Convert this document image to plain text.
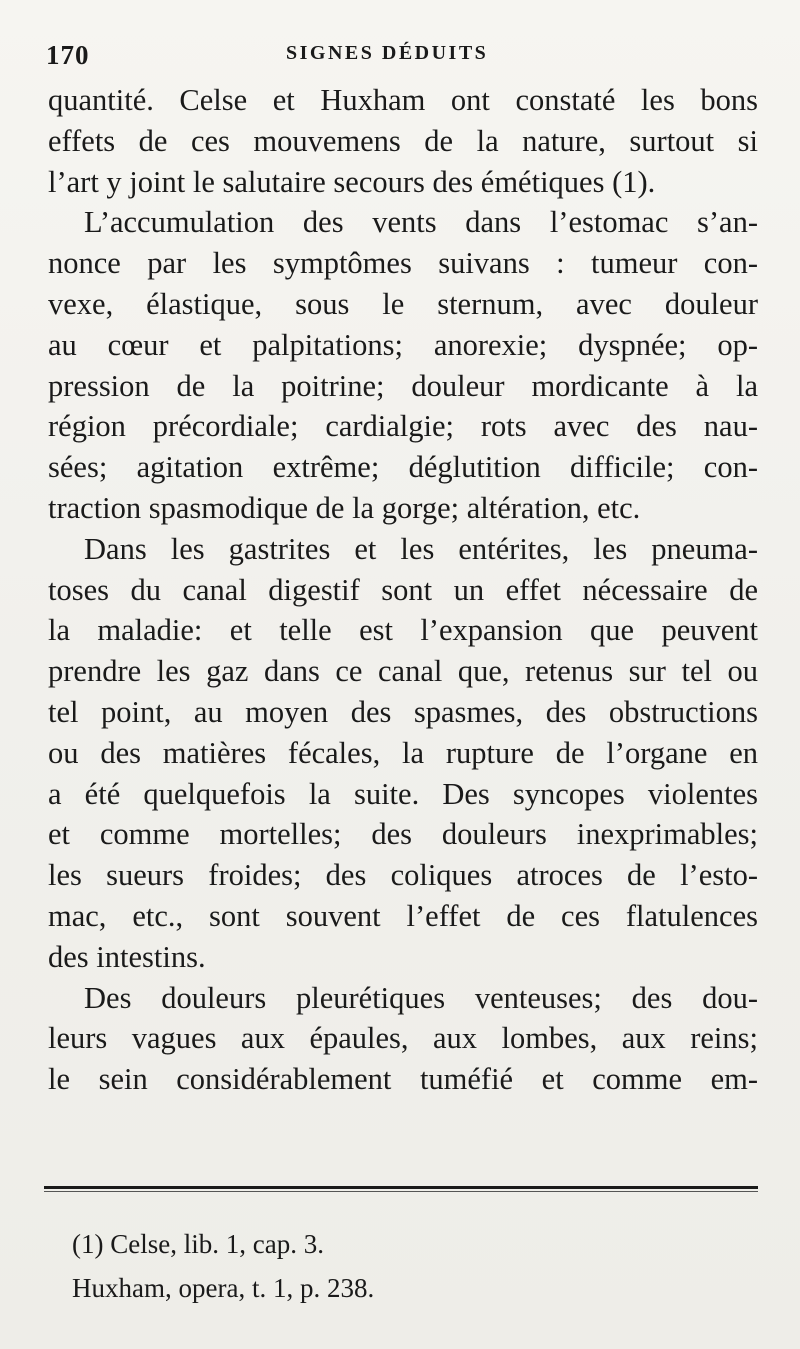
170	SIGNES DÉDUITS
quantité. Celse et Huxham ont constaté les bons
effets de ces mouvemens de la nature, surtout si
l’art y joint le salutaire secours des émétiques (1).
L’accumulation des vents dans l’estomac s’an-
nonce par les symptômes suivans : tumeur con-
vexe, élastique, sous le sternum, avec douleur
au cœur et palpitations; anorexie; dyspnée; op-
pression de la poitrine; douleur mordicante à la
région précordiale; cardialgie; rots avec des nau-
sées; agitation extrême; déglutition difficile; con-
traction spasmodique de la gorge; altération, etc.
Dans les gastrites et les entérites, les pneuma-
toses du canal digestif sont un effet nécessaire de
la maladie: et telle est l’expansion que peuvent
prendre les gaz dans ce canal que, retenus sur tel ou
tel point, au moyen des spasmes, des obstructions
ou des matières fécales, la rupture de l’organe en
a été quelquefois la suite. Des syncopes violentes
et comme mortelles; des douleurs inexprimables;
les sueurs froides; des coliques atroces de l’esto-
mac, etc., sont souvent l’effet de ces flatulences
des intestins.
Des douleurs pleurétiques venteuses; des dou-
leurs vagues aux épaules, aux lombes, aux reins;
le sein considérablement tuméfié et comme em-
(1) Celse, lib. 1, cap. 3.
Huxham, opera, t. 1, p. 238.
